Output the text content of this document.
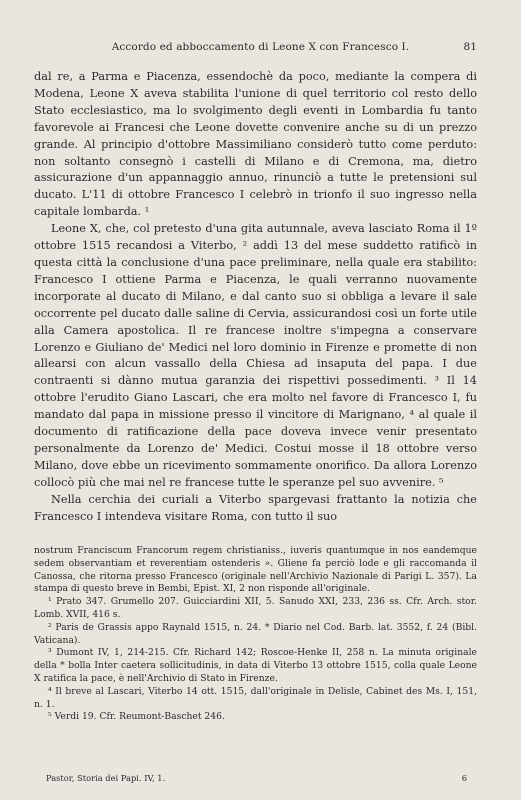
Accordo ed abboccamento di Leone X con Francesco I.	81

dal re, a Parma e Piacenza, essendochè da poco, mediante la compera di Modena, Leone X aveva stabilita l'unione di quel territorio col resto dello Stato ecclesiastico, ma lo svolgimento degli eventi in Lombardia fu tanto favorevole ai Francesi che Leone dovette convenire anche su di un prezzo grande. Al principio d'ottobre Massimiliano considerò tutto come perduto: non soltanto consegnò i castelli di Milano e di Cremona, ma, dietro assicurazione d'un appannaggio annuo, rinunciò a tutte le pretensioni sul ducato. L'11 di ottobre Francesco I celebrò in trionfo il suo ingresso nella capitale lombarda. ¹

Leone X, che, col pretesto d'una gita autunnale, aveva lasciato Roma il 1º ottobre 1515 recandosi a Viterbo, ² addì 13 del mese suddetto ratificò in questa città la conclusione d'una pace preliminare, nella quale era stabilito: Francesco I ottiene Parma e Piacenza, le quali verranno nuovamente incorporate al ducato di Milano, e dal canto suo si obbliga a levare il sale occorrente pel ducato dalle saline di Cervia, assicurandosi così un forte utile alla Camera apostolica. Il re francese inoltre s'impegna a conservare Lorenzo e Giuliano de' Medici nel loro dominio in Firenze e promette di non allearsi con alcun vassallo della Chiesa ad insaputa del papa. I due contraenti si dànno mutua garanzia dei rispettivi possedimenti. ³ Il 14 ottobre l'erudito Giano Lascari, che era molto nel favore di Francesco I, fu mandato dal papa in missione presso il vincitore di Marignano, ⁴ al quale il documento di ratificazione della pace doveva invece venir presentato personalmente da Lorenzo de' Medici. Costui mosse il 18 ottobre verso Milano, dove ebbe un ricevimento sommamente onorifico. Da allora Lorenzo collocò più che mai nel re francese tutte le speranze pel suo avvenire. ⁵

Nella cerchia dei curiali a Viterbo spargevasi frattanto la notizia che Francesco I intendeva visitare Roma, con tutto il suo

nostrum Franciscum Francorum regem christianiss., iuveris quantumque in nos eandemque sedem observantiam et reverentiam ostenderis ». Gliene fa perciò lode e gli raccomanda il Canossa, che ritorna presso Francesco (originale nell'Archivio Nazionale di Parigi L. 357). La stampa di questo breve in Bembi, Epist. XI, 2 non risponde all'originale.

¹ Prato 347. Grumello 207. Guicciardini XII, 5. Sanudo XXI, 233, 236 ss. Cfr. Arch. stor. Lomb. XVII, 416 s.

² Paris de Grassis appo Raynald 1515, n. 24. * Diario nel Cod. Barb. lat. 3552, f. 24 (Bibl. Vaticana).

³ Dumont IV, 1, 214-215. Cfr. Richard 142; Roscoe-Henke II, 258 n. La minuta originale della * bolla Inter caetera sollicitudinis, in data di Viterbo 13 ottobre 1515, colla quale Leone X ratifica la pace, è nell'Archivio di Stato in Firenze.

⁴ Il breve al Lascari, Viterbo 14 ott. 1515, dall'originale in Delisle, Cabinet des Ms. I, 151, n. 1.

⁵ Verdi 19. Cfr. Reumont-Baschet 246.

Pastor, Storia dei Papi. IV, 1.	6
